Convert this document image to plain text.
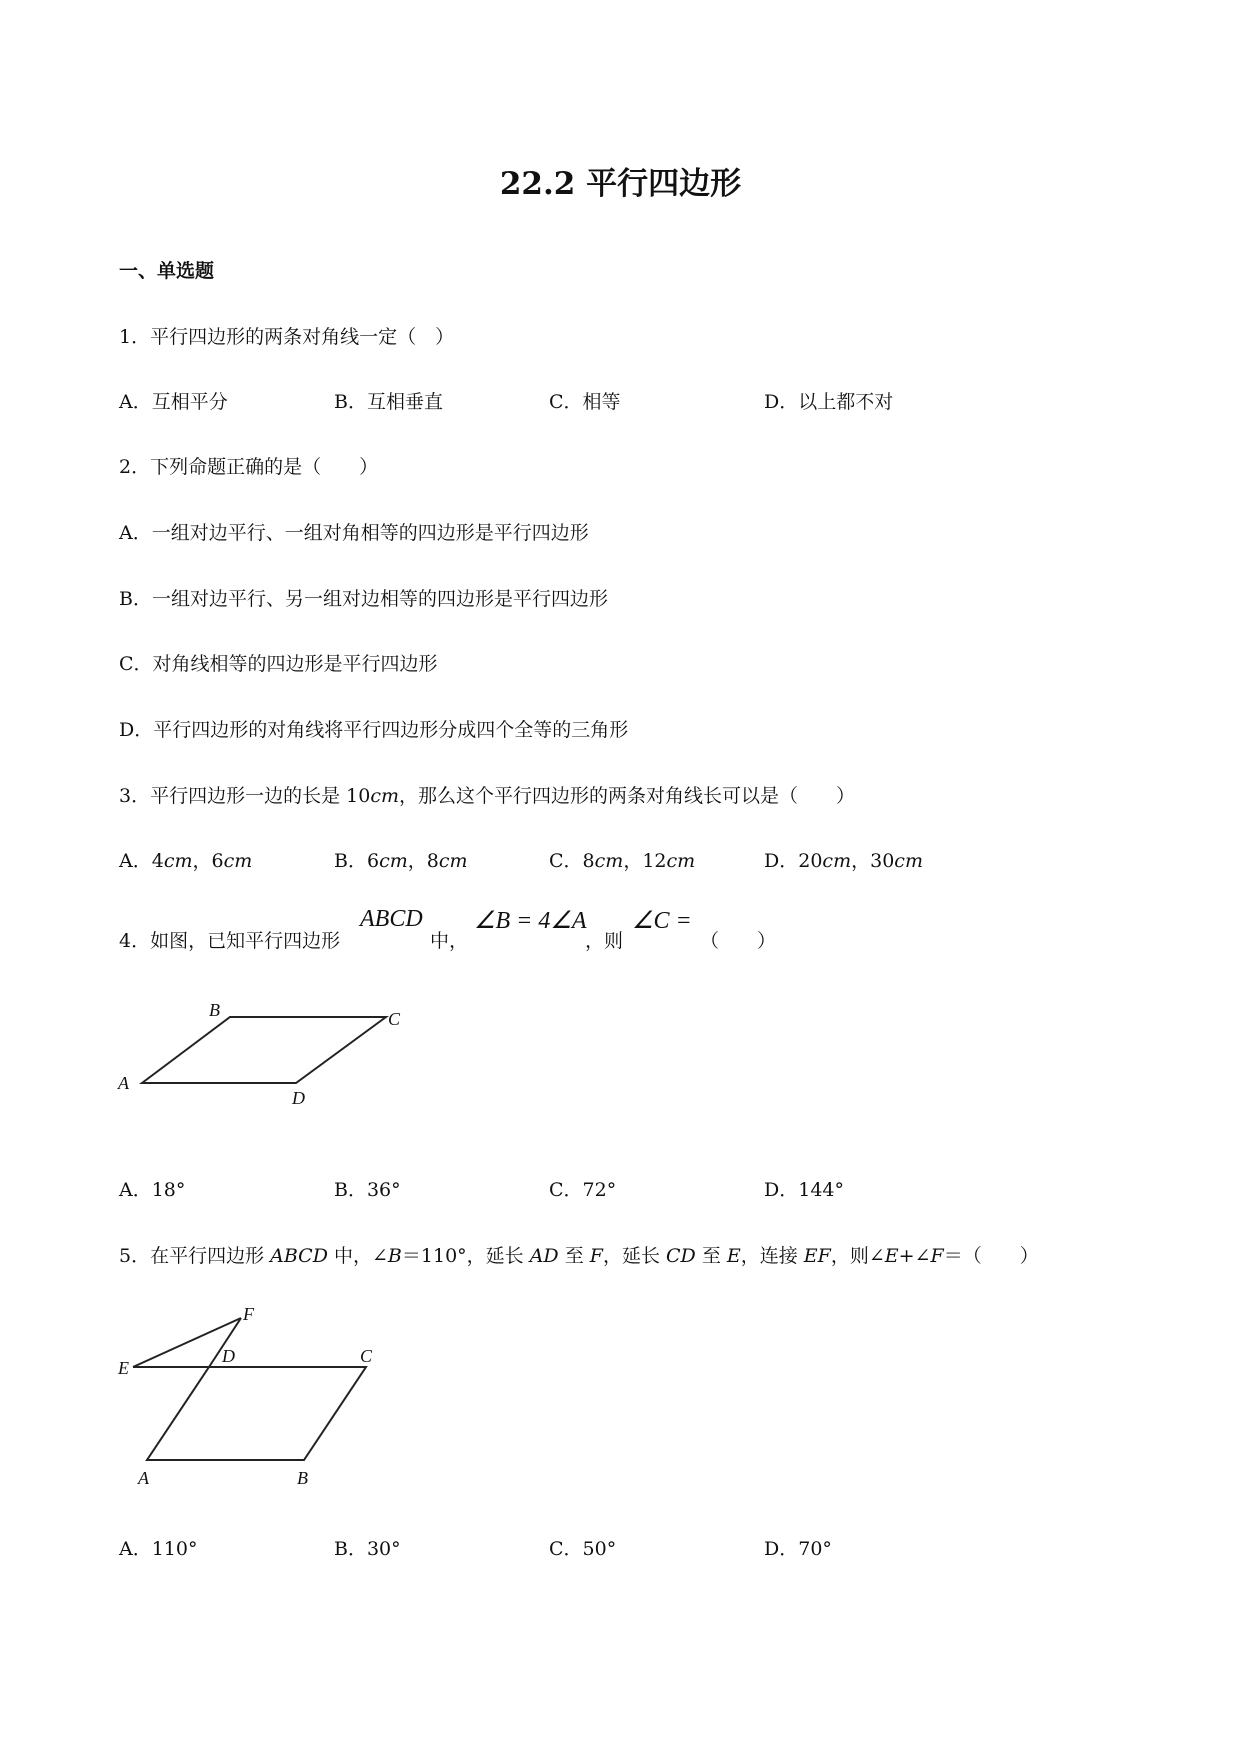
22.2 平行四边形
一、单选题
1．平行四边形的两条对角线一定（　）
A．互相平分	B．互相垂直	C．相等	D．以上都不对
2．下列命题正确的是（　　）
A．一组对边平行、一组对角相等的四边形是平行四边形
B．一组对边平行、另一组对边相等的四边形是平行四边形
C．对角线相等的四边形是平行四边形
D．平行四边形的对角线将平行四边形分成四个全等的三角形
3．平行四边形一边的长是 10cm，那么这个平行四边形的两条对角线长可以是（　　）
A．4cm，6cm	B．6cm，8cm	C．8cm，12cm	D．20cm，30cm
4．如图，已知平行四边形
ABCD
中，
∠B = 4∠A
，则
∠C =
（　　）
A
B	C
D
A	B
C
D
E
F
A．18°	B．36°	C．72°	D．144°
5．在平行四边形 ABCD 中，∠B＝110°，延长 AD 至 F，延长 CD 至 E，连接 EF，则∠E+∠F＝（　　）
A．110°	B．30°	C．50°	D．70°
